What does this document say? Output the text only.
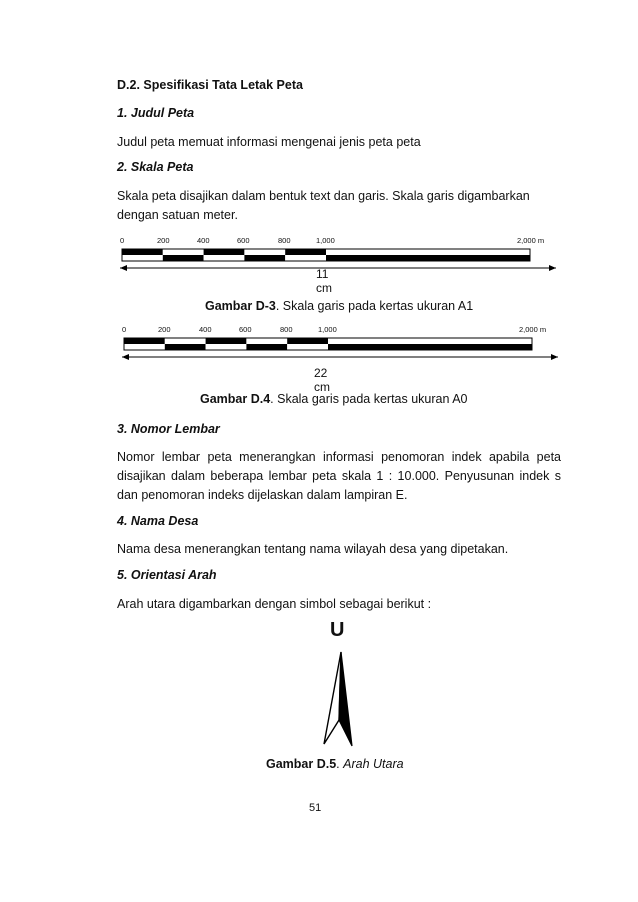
D.2. Spesifikasi Tata Letak Peta
1. Judul Peta
Judul peta memuat informasi mengenai jenis peta peta
2. Skala Peta
Skala peta disajikan dalam bentuk text dan garis. Skala garis digambarkan
dengan satuan meter.
0	200	400	600	800	1,000	2,000 m
11 cm
Gambar D-3. Skala garis pada kertas ukuran A1
0	200	400	600	800	1,000	2,000 m
22 cm
Gambar D.4. Skala garis pada kertas ukuran A0
3. Nomor Lembar
Nomor lembar peta menerangkan informasi penomoran indek apabila peta
disajikan dalam beberapa lembar peta skala 1 : 10.000. Penyusunan indek s
dan penomoran indeks dijelaskan dalam lampiran E.
4. Nama Desa
Nama desa menerangkan tentang nama wilayah desa yang dipetakan.
5. Orientasi Arah
Arah utara digambarkan dengan simbol sebagai berikut :
U
Gambar D.5. Arah Utara
51
